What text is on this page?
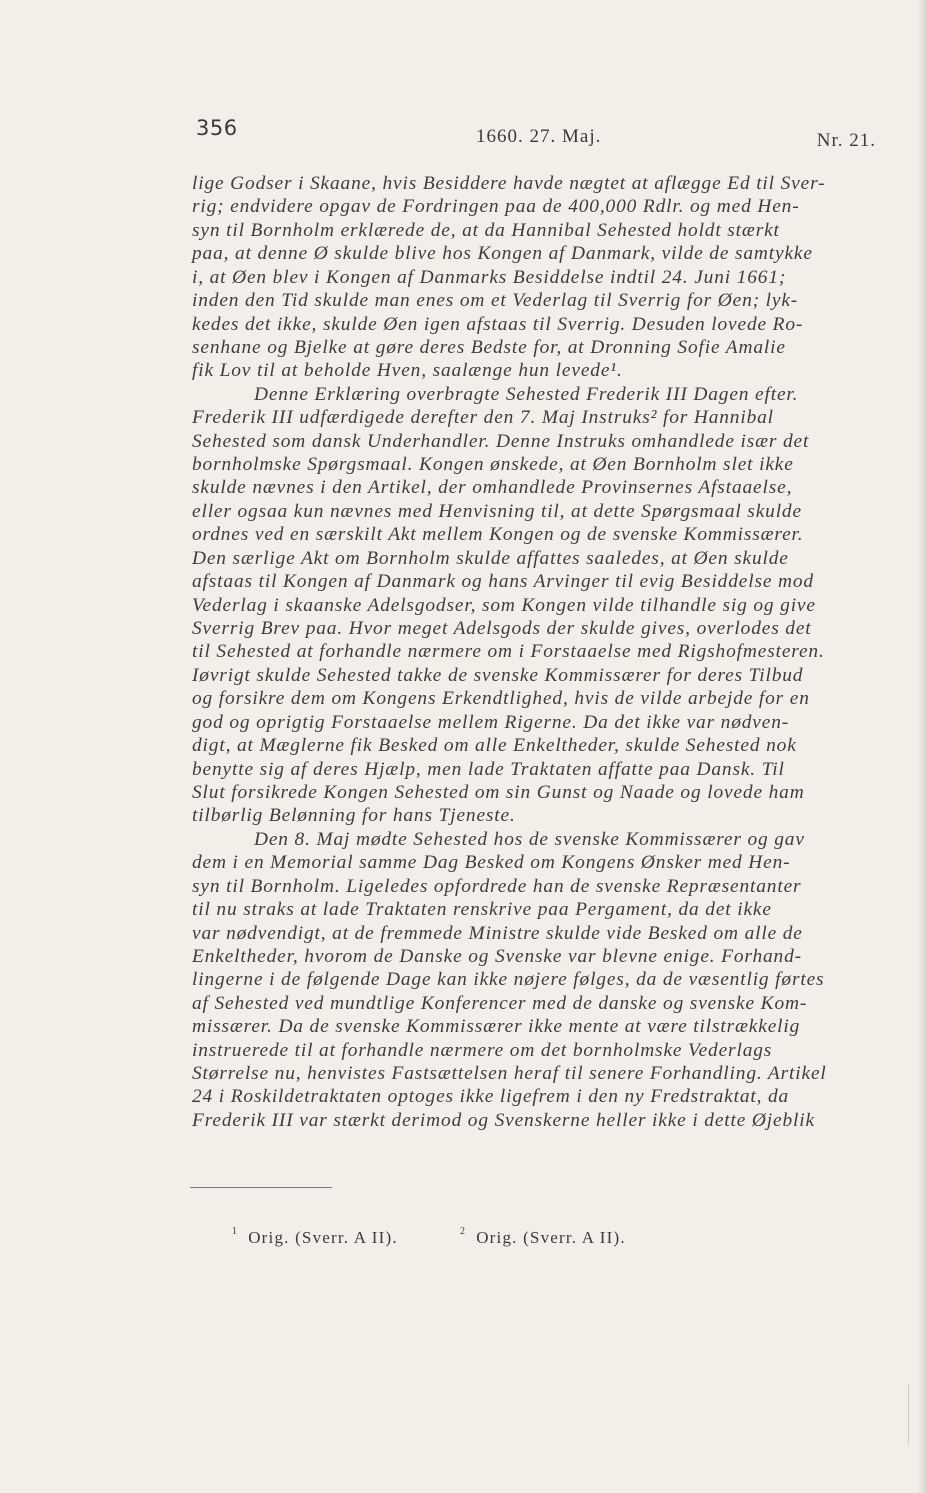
356	1660. 27. Maj.	Nr. 21.
lige Godser i Skaane, hvis Besiddere havde nægtet at aflægge Ed til Sver-
rig; endvidere opgav de Fordringen paa de 400,000 Rdlr. og med Hen-
syn til Bornholm erklærede de, at da Hannibal Sehested holdt stærkt
paa, at denne Ø skulde blive hos Kongen af Danmark, vilde de samtykke
i, at Øen blev i Kongen af Danmarks Besiddelse indtil 24. Juni 1661;
inden den Tid skulde man enes om et Vederlag til Sverrig for Øen; lyk-
kedes det ikke, skulde Øen igen afstaas til Sverrig. Desuden lovede Ro-
senhane og Bjelke at gøre deres Bedste for, at Dronning Sofie Amalie
fik Lov til at beholde Hven, saalænge hun levede¹.
Denne Erklæring overbragte Sehested Frederik III Dagen efter.
Frederik III udfærdigede derefter den 7. Maj Instruks² for Hannibal
Sehested som dansk Underhandler. Denne Instruks omhandlede især det
bornholmske Spørgsmaal. Kongen ønskede, at Øen Bornholm slet ikke
skulde nævnes i den Artikel, der omhandlede Provinsernes Afstaaelse,
eller ogsaa kun nævnes med Henvisning til, at dette Spørgsmaal skulde
ordnes ved en særskilt Akt mellem Kongen og de svenske Kommissærer.
Den særlige Akt om Bornholm skulde affattes saaledes, at Øen skulde
afstaas til Kongen af Danmark og hans Arvinger til evig Besiddelse mod
Vederlag i skaanske Adelsgodser, som Kongen vilde tilhandle sig og give
Sverrig Brev paa. Hvor meget Adelsgods der skulde gives, overlodes det
til Sehested at forhandle nærmere om i Forstaaelse med Rigshofmesteren.
Iøvrigt skulde Sehested takke de svenske Kommissærer for deres Tilbud
og forsikre dem om Kongens Erkendtlighed, hvis de vilde arbejde for en
god og oprigtig Forstaaelse mellem Rigerne. Da det ikke var nødven-
digt, at Mæglerne fik Besked om alle Enkeltheder, skulde Sehested nok
benytte sig af deres Hjælp, men lade Traktaten affatte paa Dansk. Til
Slut forsikrede Kongen Sehested om sin Gunst og Naade og lovede ham
tilbørlig Belønning for hans Tjeneste.
Den 8. Maj mødte Sehested hos de svenske Kommissærer og gav
dem i en Memorial samme Dag Besked om Kongens Ønsker med Hen-
syn til Bornholm. Ligeledes opfordrede han de svenske Repræsentanter
til nu straks at lade Traktaten renskrive paa Pergament, da det ikke
var nødvendigt, at de fremmede Ministre skulde vide Besked om alle de
Enkeltheder, hvorom de Danske og Svenske var blevne enige. Forhand-
lingerne i de følgende Dage kan ikke nøjere følges, da de væsentlig førtes
af Sehested ved mundtlige Konferencer med de danske og svenske Kom-
missærer. Da de svenske Kommissærer ikke mente at være tilstrækkelig
instruerede til at forhandle nærmere om det bornholmske Vederlags
Størrelse nu, henvistes Fastsættelsen heraf til senere Forhandling. Artikel
24 i Roskildetraktaten optoges ikke ligefrem i den ny Fredstraktat, da
Frederik III var stærkt derimod og Svenskerne heller ikke i dette Øjeblik
$^1$ Orig. (Sverr. A II).	$^2$ Orig. (Sverr. A II).
